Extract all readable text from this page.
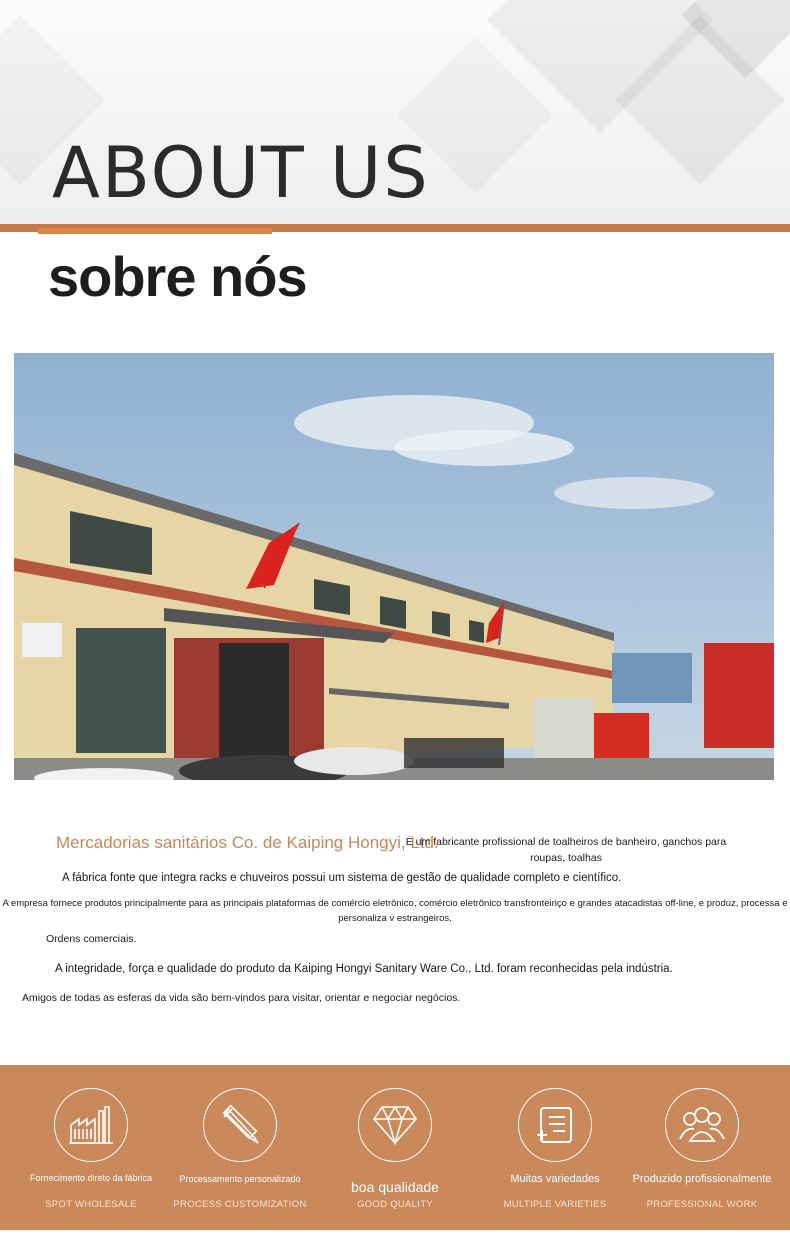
ABOUT US
sobre nós
Mercadorias sanitários Co. de Kaiping Hongyi, Ltd.
É um fabricante profissional de toalheiros de banheiro, ganchos para roupas, toalhas
A fábrica fonte que integra racks e chuveiros possui um sistema de gestão de qualidade completo e científico.
A empresa fornece produtos principalmente para as principais plataformas de comércio eletrônico, comércio eletrônico transfronteiriço e grandes atacadistas off-line, e produz, processa e personaliza v estrangeiros.
Ordens comerciais.
A integridade, força e qualidade do produto da Kaiping Hongyi Sanitary Ware Co., Ltd. foram reconhecidas pela indústria.
Amigos de todas as esferas da vida são bem-vindos para visitar, orientar e negociar negócios.
Fornecimento direto da fábrica
SPOT WHOLESALE
Processamento personalizado
PROCESS CUSTOMIZATION
boa qualidade
GOOD QUALITY
Muitas variedades
MULTIPLE VARIETIES
Produzido profissionalmente
PROFESSIONAL WORK
